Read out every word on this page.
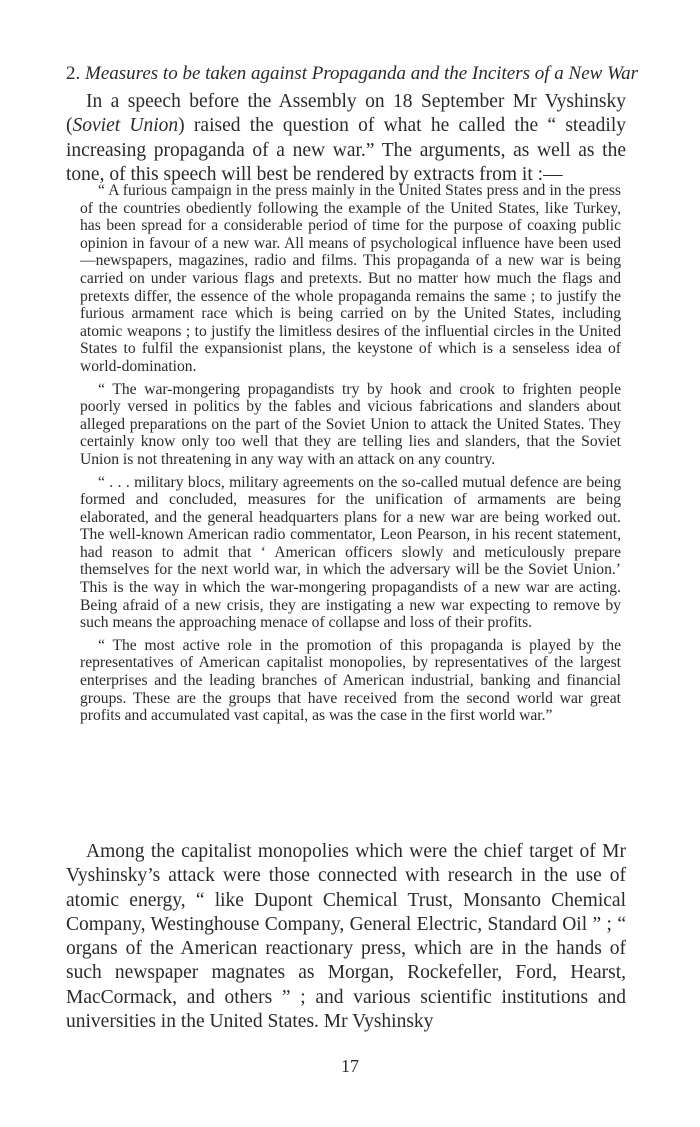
2. Measures to be taken against Propaganda and the Inciters of a New War

In a speech before the Assembly on 18 September Mr Vyshinsky (Soviet Union) raised the question of what he called the “ steadily increasing propaganda of a new war.” The arguments, as well as the tone, of this speech will best be rendered by extracts from it :—

“ A furious campaign in the press mainly in the United States press and in the press of the countries obediently following the example of the United States, like Turkey, has been spread for a considerable period of time for the purpose of coaxing public opinion in favour of a new war. All means of psychological influence have been used—newspapers, magazines, radio and films. This propaganda of a new war is being carried on under various flags and pretexts. But no matter how much the flags and pretexts differ, the essence of the whole propaganda remains the same ; to justify the furious armament race which is being carried on by the United States, including atomic weapons ; to justify the limitless desires of the influential circles in the United States to fulfil the expansionist plans, the keystone of which is a senseless idea of world-domination.

“ The war-mongering propagandists try by hook and crook to frighten people poorly versed in politics by the fables and vicious fabrications and slanders about alleged preparations on the part of the Soviet Union to attack the United States. They certainly know only too well that they are telling lies and slanders, that the Soviet Union is not threatening in any way with an attack on any country.

“ . . . military blocs, military agreements on the so-called mutual defence are being formed and concluded, measures for the unification of armaments are being elaborated, and the general headquarters plans for a new war are being worked out. The well-known American radio commentator, Leon Pearson, in his recent statement, had reason to admit that ‘ American officers slowly and meticulously prepare themselves for the next world war, in which the adversary will be the Soviet Union.’ This is the way in which the war-mongering propagandists of a new war are acting. Being afraid of a new crisis, they are instigating a new war expecting to remove by such means the approaching menace of collapse and loss of their profits.

“ The most active role in the promotion of this propaganda is played by the representatives of American capitalist monopolies, by representatives of the largest enterprises and the leading branches of American industrial, banking and financial groups. These are the groups that have received from the second world war great profits and accumulated vast capital, as was the case in the first world war.”

Among the capitalist monopolies which were the chief target of Mr Vyshinsky’s attack were those connected with research in the use of atomic energy, “ like Dupont Chemical Trust, Monsanto Chemical Company, Westinghouse Company, General Electric, Standard Oil ” ; “ organs of the American reactionary press, which are in the hands of such newspaper magnates as Morgan, Rockefeller, Ford, Hearst, MacCormack, and others ” ; and various scientific institutions and universities in the United States. Mr Vyshinsky

17
